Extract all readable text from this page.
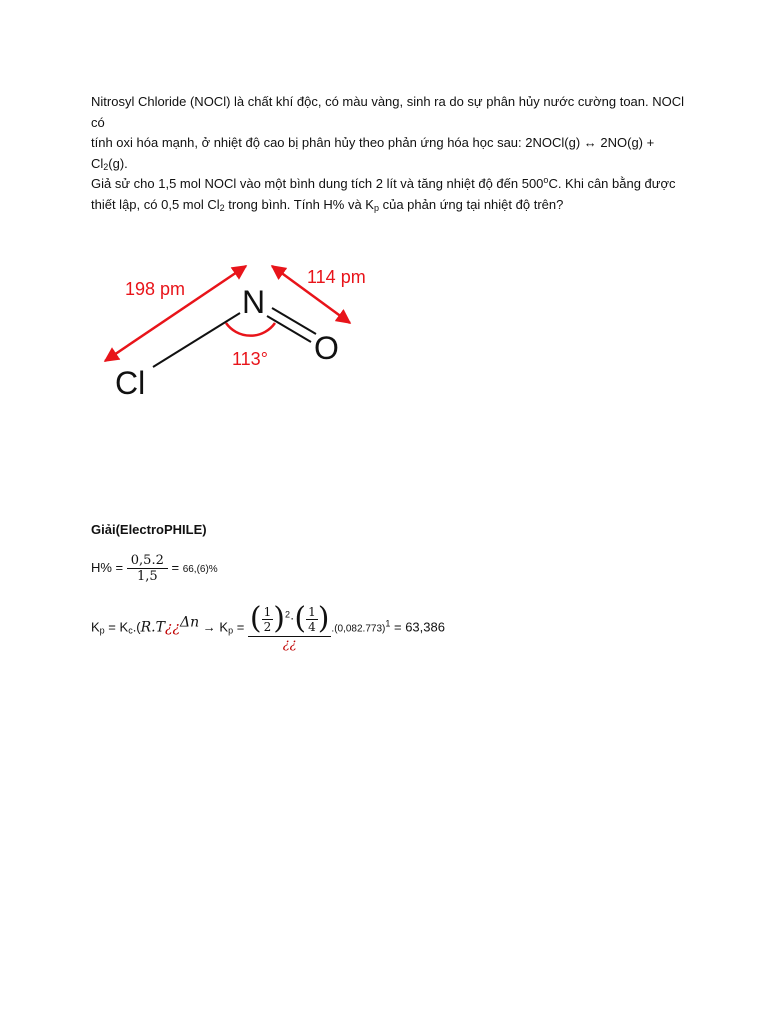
Nitrosyl Chloride (NOCl) là chất khí độc, có màu vàng, sinh ra do sự phân hủy nước cường toan. NOCl có

tính oxi hóa mạnh, ở nhiệt độ cao bị phân hủy theo phản ứng hóa học sau: 2NOCl(g) ↔ $2NO(g) + Cl_2(g)$.

Giả sử cho 1,5 mol NOCl vào một bình dung tích 2 lít và tăng nhiệt độ đến 500$^o$C. Khi cân bằng được

thiết lập, có 0,5 mol $Cl_2$ trong bình. Tính H% và $K_p$ của phản ứng tại nhiệt độ trên?

198 pm
114 pm
113°
N
O
Cl
Giải(ElectroPHILE)
$H\% = \frac{0,5.2}{1,5} = 66,(6)\%$
$K_p$ = $K_c.(R.T¿¿^{\Delta n} \to K_p$ = ( $\frac{1}{2} )^2\cdot( \frac{1}{4}$ )
¿¿
$.(0,082.773)^1 = 63,386$
